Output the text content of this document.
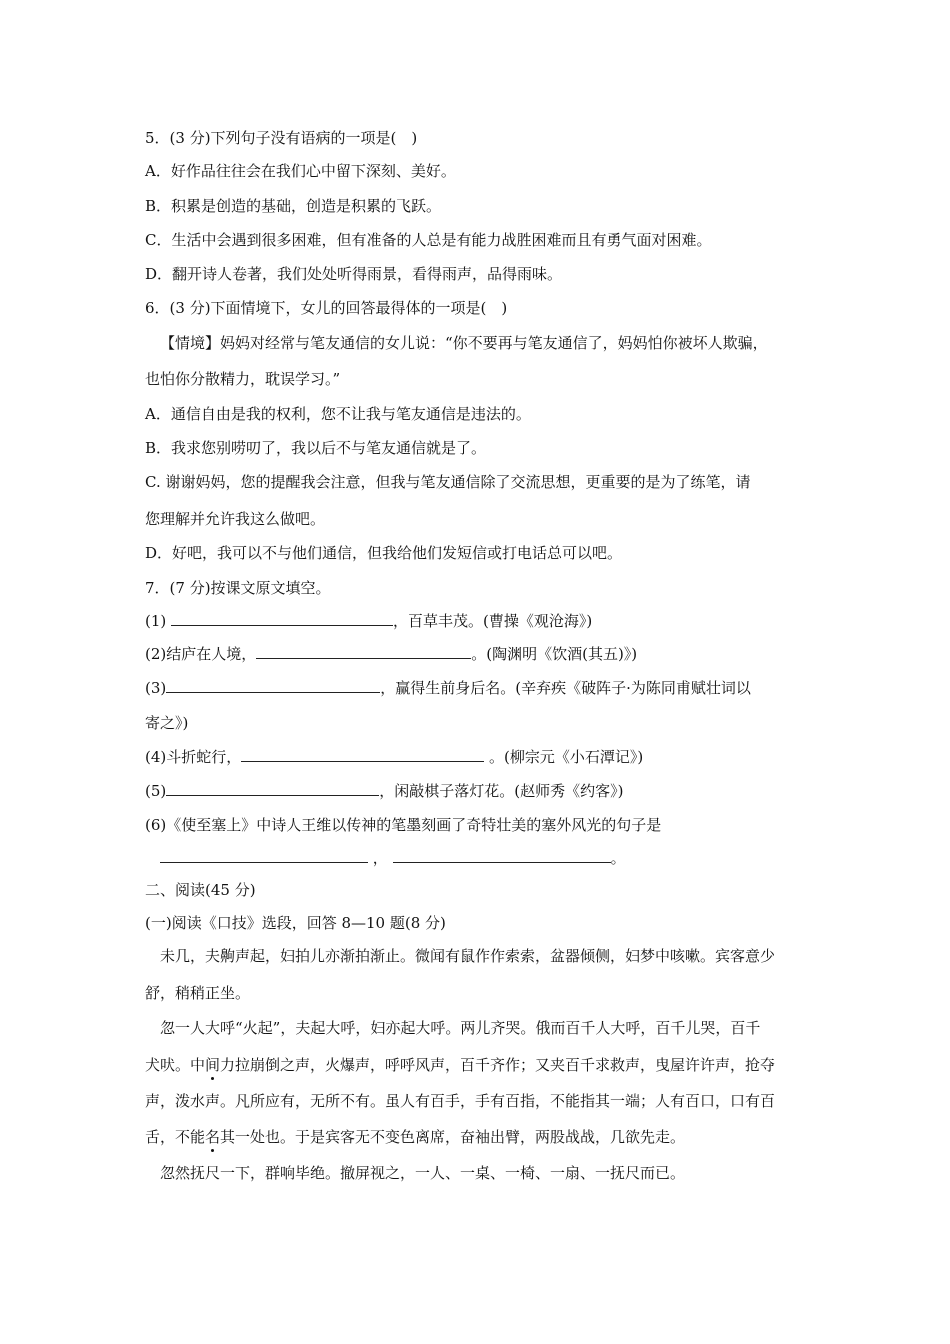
5．(3 分)下列句子没有语病的一项是(　)
A．好作品往往会在我们心中留下深刻、美好。
B．积累是创造的基础，创造是积累的飞跃。
C．生活中会遇到很多困难，但有准备的人总是有能力战胜困难而且有勇气面对困难。
D．翻开诗人卷著，我们处处听得雨景，看得雨声，品得雨味。
6．(3 分)下面情境下，女儿的回答最得体的一项是(　)
【情境】妈妈对经常与笔友通信的女儿说：“你不要再与笔友通信了，妈妈怕你被坏人欺骗，
也怕你分散精力，耽误学习。”
A．通信自由是我的权利，您不让我与笔友通信是违法的。
B．我求您别唠叨了，我以后不与笔友通信就是了。
C. 谢谢妈妈，您的提醒我会注意，但我与笔友通信除了交流思想，更重要的是为了练笔，请
您理解并允许我这么做吧。
D．好吧，我可以不与他们通信，但我给他们发短信或打电话总可以吧。
7．(7 分)按课文原文填空。
(1)	，百草丰茂。(曹操《观沧海》)
(2)结庐在人境，	。(陶渊明《饮酒(其五)》)
(3)	，赢得生前身后名。(辛弃疾《破阵子·为陈同甫赋壮词以
寄之》)
(4)斗折蛇行，	。(柳宗元《小石潭记》)
(5)	，闲敲棋子落灯花。(赵师秀《约客》)
(6)《使至塞上》中诗人王维以传神的笔墨刻画了奇特壮美的塞外风光的句子是
，	。
二、阅读(45 分)
(一)阅读《口技》选段，回答 8—10 题(8 分)
未几，夫齁声起，妇拍儿亦渐拍渐止。微闻有鼠作作索索，盆器倾侧，妇梦中咳嗽。宾客意少
舒，稍稍正坐。
忽一人大呼“火起”，夫起大呼，妇亦起大呼。两儿齐哭。俄而百千人大呼，百千儿哭，百千
犬吠。中间力拉崩倒之声，火爆声，呼呼风声，百千齐作；又夹百千求救声，曳屋许许声，抢夺
声，泼水声。凡所应有，无所不有。虽人有百手，手有百指，不能指其一端；人有百口，口有百
舌，不能名其一处也。于是宾客无不变色离席，奋袖出臂，两股战战，几欲先走。
忽然抚尺一下，群响毕绝。撤屏视之，一人、一桌、一椅、一扇、一抚尺而已。
